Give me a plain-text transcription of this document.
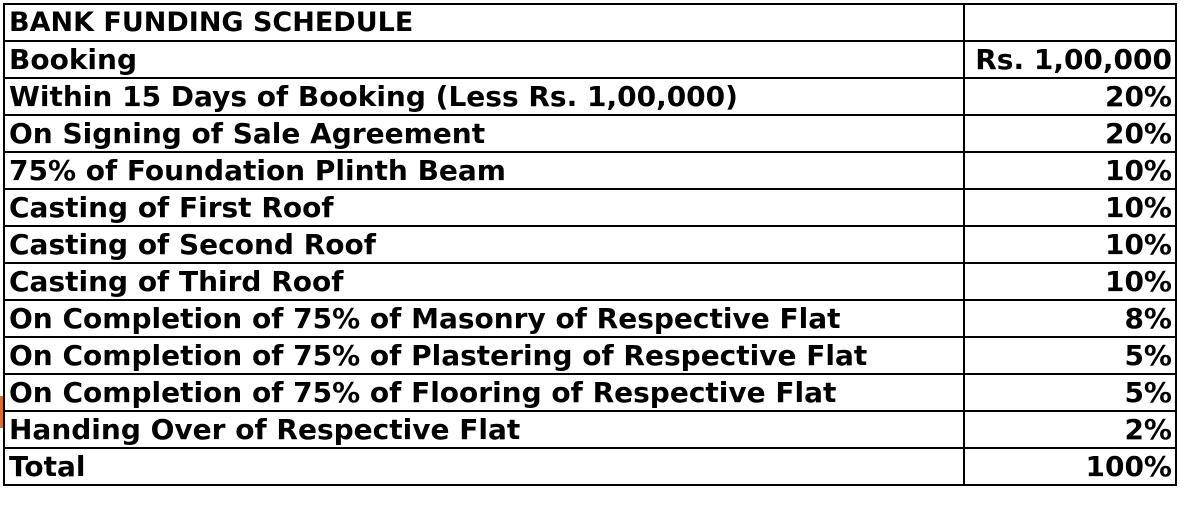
BANK FUNDING SCHEDULE	
Booking	Rs. 1,00,000
Within 15 Days of Booking (Less Rs. 1,00,000)	20%
On Signing of Sale Agreement	20%
75% of Foundation Plinth Beam	10%
Casting of First Roof	10%
Casting of Second Roof	10%
Casting of Third Roof	10%
On Completion of 75% of Masonry of Respective Flat	8%
On Completion of 75% of Plastering of Respective Flat	5%
On Completion of 75% of Flooring of Respective Flat	5%
Handing Over of Respective Flat	2%
Total	100%
